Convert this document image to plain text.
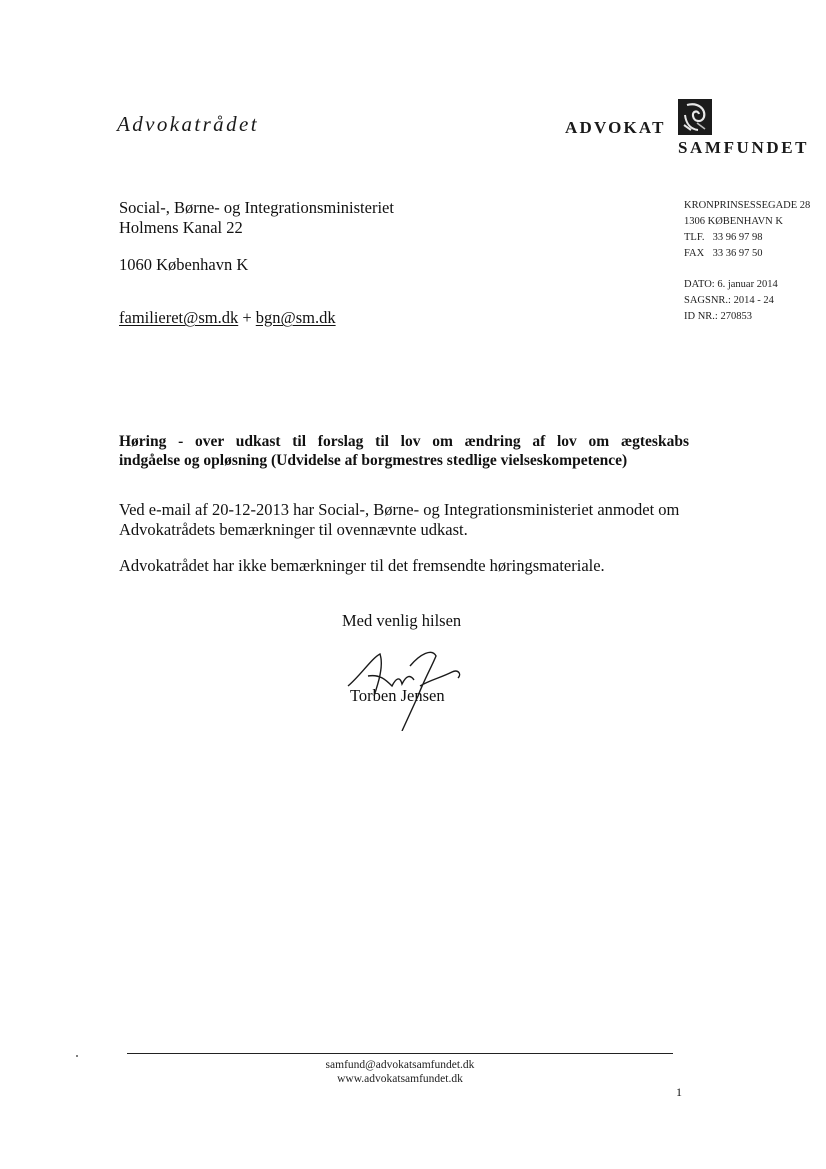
Advokatrådet	ADVOKAT
SAMFUNDET
Social-, Børne- og Integrationsministeriet
Holmens Kanal 22
1060 København K
familieret@sm.dk + bgn@sm.dk
KRONPRINSESSEGADE 28
1306 KØBENHAVN K
TLF. 33 96 97 98
FAX 33 36 97 50
DATO: 6. januar 2014
SAGSNR.: 2014 - 24
ID NR.: 270853
Høring - over udkast til forslag til lov om ændring af lov om ægteskabs
indgåelse og opløsning (Udvidelse af borgmestres stedlige vielseskompetence)
Ved e-mail af 20-12-2013 har Social-, Børne- og Integrationsministeriet anmodet om Advokatrådets bemærkninger til ovennævnte udkast.
Advokatrådet har ikke bemærkninger til det fremsendte høringsmateriale.
Med venlig hilsen
Torben Jensen
samfund@advokatsamfundet.dk
www.advokatsamfundet.dk
1
